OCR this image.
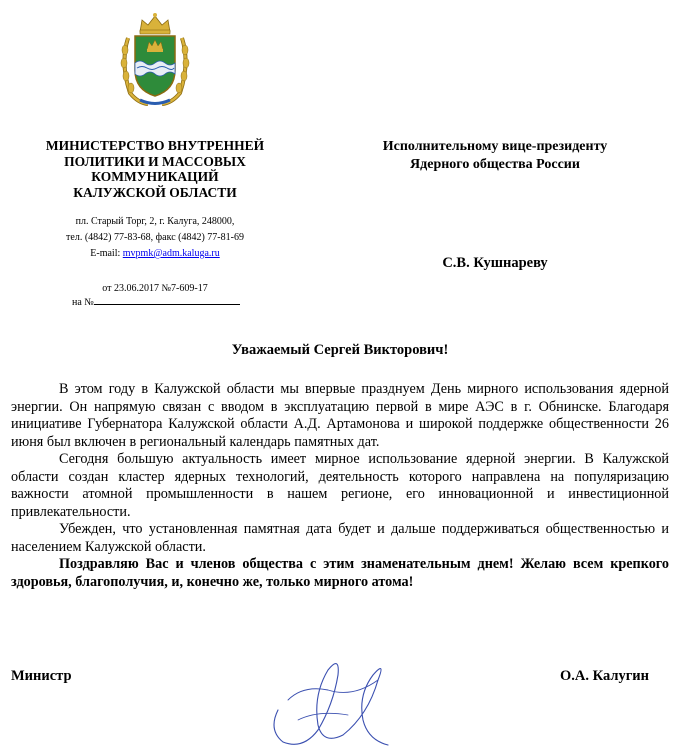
МИНИСТЕРСТВО ВНУТРЕННЕЙ
ПОЛИТИКИ И МАССОВЫХ
КОММУНИКАЦИЙ
КАЛУЖСКОЙ ОБЛАСТИ
пл. Старый Торг, 2, г. Калуга, 248000,
тел. (4842) 77-83-68, факс (4842) 77-81-69
E-mail: mvpmk@adm.kaluga.ru
от 23.06.2017 №7-609-17
на №
Исполнительному вице-президенту
Ядерного общества России
С.В. Кушнареву
Уважаемый Сергей Викторович!

В этом году в Калужской области мы впервые празднуем День мирного использования ядерной энергии. Он напрямую связан с вводом в эксплуатацию первой в мире АЭС в г. Обнинске. Благодаря инициативе Губернатора Калужской области А.Д. Артамонова и широкой поддержке общественности 26 июня был включен в региональный календарь памятных дат.

Сегодня большую актуальность имеет мирное использование ядерной энергии. В Калужской области создан кластер ядерных технологий, деятельность которого направлена на популяризацию важности атомной промышленности в нашем регионе, его инновационной и инвестиционной привлекательности.

Убежден, что установленная памятная дата будет и дальше поддерживаться общественностью и населением Калужской области.

Поздравляю Вас и членов общества с этим знаменательным днем! Желаю всем крепкого здоровья, благополучия, и, конечно же, только мирного атома!

Министр	О.А. Калугин
